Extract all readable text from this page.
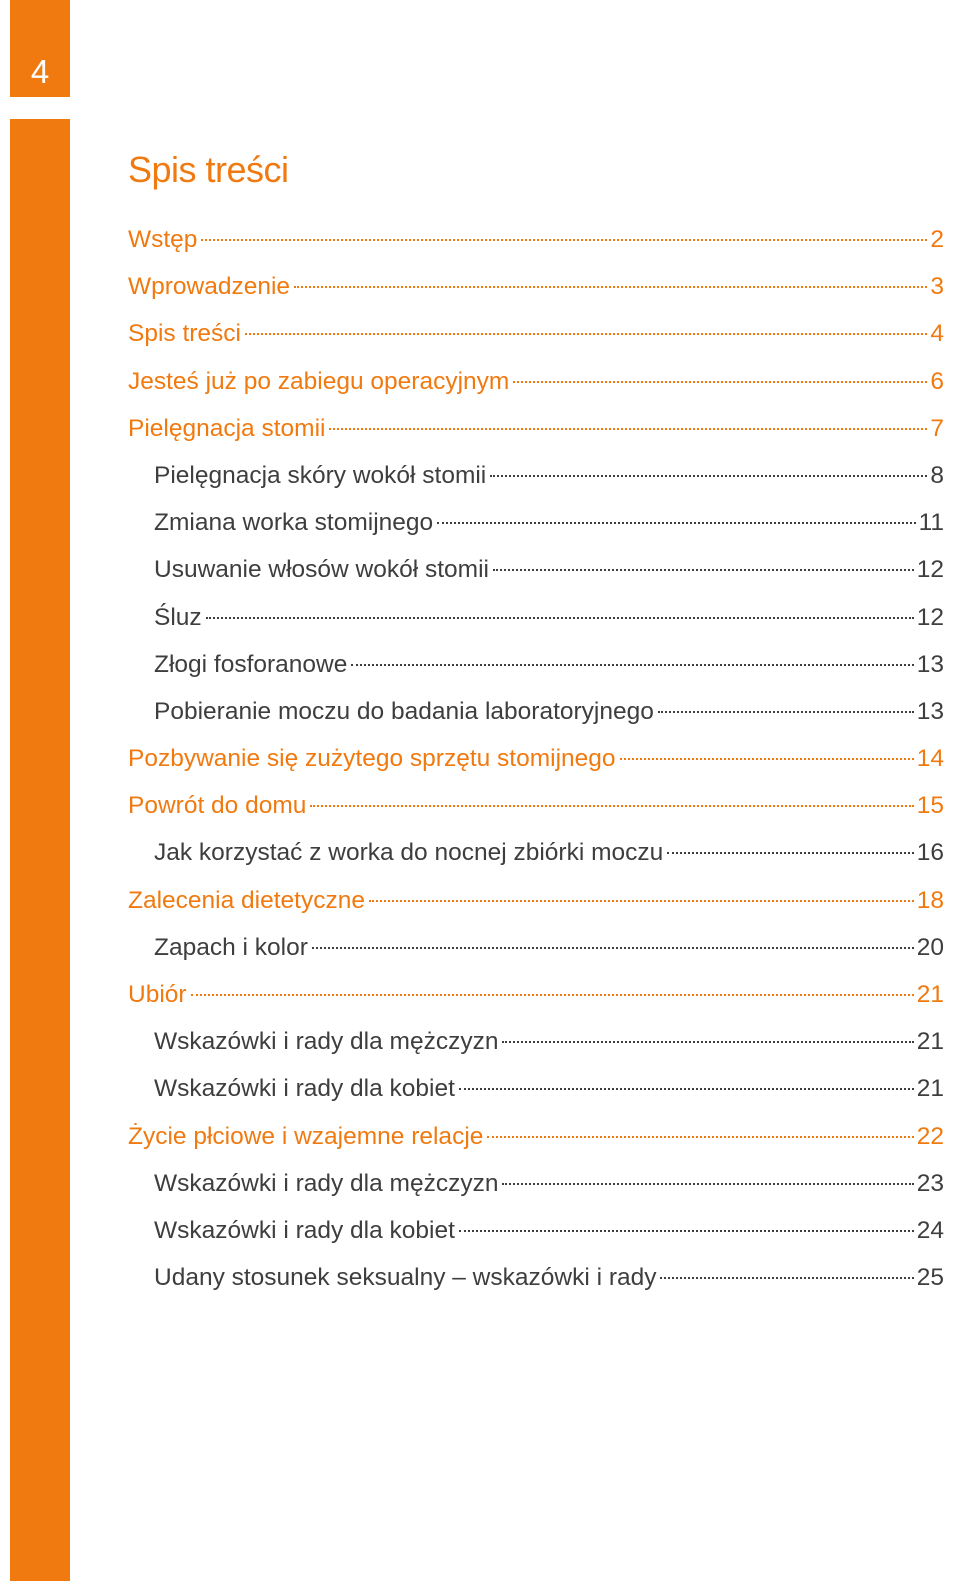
4
Spis treści
Wstęp	2
Wprowadzenie	3
Spis treści	4
Jesteś już po zabiegu operacyjnym	6
Pielęgnacja stomii	7
Pielęgnacja skóry wokół stomii	8
Zmiana worka stomijnego	11
Usuwanie włosów wokół stomii	12
Śluz	12
Złogi fosforanowe	13
Pobieranie moczu do badania laboratoryjnego	13
Pozbywanie się zużytego sprzętu stomijnego	14
Powrót do domu	15
Jak korzystać z worka do nocnej zbiórki moczu	16
Zalecenia dietetyczne	18
Zapach i kolor	20
Ubiór	21
Wskazówki i rady dla mężczyzn	21
Wskazówki i rady dla kobiet	21
Życie płciowe i wzajemne relacje	22
Wskazówki i rady dla mężczyzn	23
Wskazówki i rady dla kobiet	24
Udany stosunek seksualny – wskazówki i rady	25
